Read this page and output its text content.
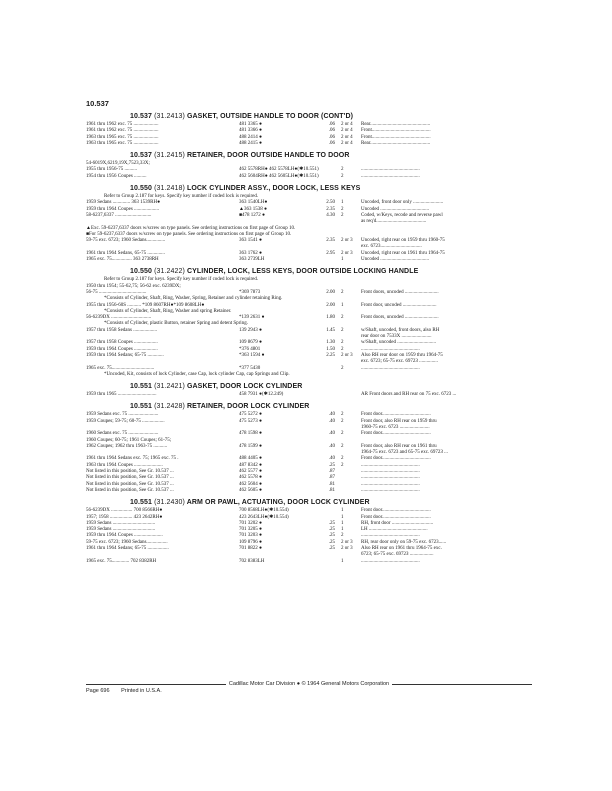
10.537
10.537 (31.2413) GASKET, OUTSIDE HANDLE TO DOOR (CONT'D)
1961 thru 1962 exc. 75 ....................	481 3365 ●	.06	2 or 4	Rear................................................
1961 thru 1962 exc. 75 ....................	481 3366 ●	.06	2 or 4	Front...............................................
1963 thru 1965 exc. 75 ....................	488 2414 ●	.06	2 or 4	Front...............................................
1963 thru 1965 exc. 75 ....................	488 2415 ●	.06	2 or 4	Rear................................................
10.537 (31.2415) RETAINER, DOOR OUTSIDE HANDLE TO DOOR
54-6019X,6219,19X,7523,33X;
1955 thru 1956-75 ..........	462 5578RH● 462 5578LH●(✱10.551)	2	...............................................
1954 thru 1956 Coupes ..........	462 5604RH● 462 5605LH●(✱10.551)	2	...............................................
10.550 (31.2418) LOCK CYLINDER ASSY., DOOR LOCK, LESS KEYS
Refer to Group 2.187 for keys. Specify key number if coded lock is required.
1959 Sedans .............. 363 1539RH●	363 1540LH●	2.50	1	Uncoded, front door only ........................
1959 thru 1964 Coupes ....................	▲363 1538 ●	2.35	2	Uncoded .......................................
58-6237,6337 .............................	■478 1272 ●	4.30	2	Coded, w/Keys, recode and reverse pawl
as req'd........................................
▲Exc. 59-6237,6337 doors w/screw on type panels. See ordering instructions on first page of Group 10.
■For 59-6237,6337 doors w/screw on type panels. See ordering instructions on first page of Group 10.
59-75 exc. 6723; 1960 Sedans...............	363 1541 ●	2.35	2 or 3	Uncoded, right rear on 1959 thru 1960-75
exc. 6723.................................
1961 thru 1964 Sedans, 65-75 ..............	363 1762 ●	2.95	2 or 3	Uncoded, right rear on 1961 thru 1964-75
1965 exc. 75................ 363 2738RH	363 2739LH	1	Uncoded .......................................
10.550 (31.2422) CYLINDER, LOCK, LESS KEYS, DOOR OUTSIDE LOCKING HANDLE
Refer to Group 2.187 for keys. Specify key number if coded lock is required.
1950 thru 1954; 55-62,75; 56-62 exc. 6239DX;
56-75 ......................................	*369 7873	2.00	2	Front doors, uncoded ...........................
*Consists of Cylinder, Shaft, Ring, Washer, Spring, Retainer and cylinder retaining Ring.
1955 thru 1956-60S ........... *109 8607RH●*109 8608LH●	2.00	1	Front door, uncoded ...........................
*Consists of Cylinder, Shaft, Ring, Washer and spring Retainer.
56-6239DX ................................	*139 2631 ●	1.80	2	Front doors, uncoded ...........................
*Consists of Cylinder, plastic Button, retainer Spring and detent Spring.
1957 thru 1958 Sedans ...................	139 2943 ●	1.45	2	w/Shaft, uncoded, front doors, also RH
rear door on 7533X ........................
1957 thru 1958 Coupes ...................	109 8679 ●	1.30	2	w/Shaft, uncoded ...............................
1959 thru 1964 Coupes ...................	*376 4801	1.50	2	...............................................
1959 thru 1964 Sedans; 65-75 .............	*363 1594 ●	2.25	2 or 3	Also RH rear door on 1959 thru 1964-75
exc. 6723; 65-75 exc. 6972З ...............
1965 exc. 75..................................	*377 5430	2	...............................................
*Uncoded, Kit, consists of lock Cylinder, case Cap, lock cylinder Cap, cap Springs and Clip.
10.551 (31.2421) GASKET, DOOR LOCK CYLINDER
1959 thru 1965 ...............................	458 7931 ●(✱12.249)	AR Front doors and RH rear on 75 exc. 6723 ...
10.551 (31.2428) RETAINER, DOOR LOCK CYLINDER
1959 Sedans exc. 75 ........................	475 5272 ●	.40	2	Front door.......................................
1959 Coupes; 59-75; 60-75 ..................	475 5273 ●	.40	2	Front door, also RH rear on 1959 thru
1960-75 exc. 6723 ........................
1960 Sedans exc. 75 ........................	478 1598 ●	.40	2	Front door.......................................
1960 Coupes; 60-75; 1961 Coupes; 61-75;
1962 Coupes; 1962 thru 1963-75 ...........	478 1599 ●	.40	2	Front door, also RH rear on 1961 thru
1964-75 exc. 6723 and 65-75 exc. 6972З ...
1961 thru 1964 Sedans exc. 75; 1965 exc. 75 .	488 4405 ●	.40	2	Front door.......................................
1963 thru 1964 Coupes .......................	487 8342 ●	.25	2	...............................................
Not listed in this position, See Gr. 10.537 ...	462 5577 ●	.87	...............................................
Not listed in this position, See Gr. 10.537 ...	462 5578 ●	.87	...............................................
Not listed in this position, See Gr. 10.537 ...	462 5604 ●	.81	...............................................
Not listed in this position, See Gr. 10.537 ...	462 5605 ●	.81	...............................................
10.551 (31.2430) ARM OR PAWL, ACTUATING, DOOR LOCK CYLINDER
56-6239DX ................. 700 8566RH●	700 8568LH●(✱10.554)	1	Front door.......................................
1957; 1958 .................. 423 2642RH●	423 2643LH●(✱10.554)	1	Front door.......................................
1959 Sedans ..................................	701 3202 ●	.25	1	RH, front door .................................
1959 Sedans ..................................	701 3205 ●	.25	1	LH ...............................................
1959 thru 1964 Coupes .......................	701 3203 ●	.25	2	...............................................
59-75 exc. 6723; 1960 Sedans.................	109 8796 ●	.25	2 or 3	RH, rear door only on 59-75 exc. 6723......
1961 thru 1964 Sedans; 65-75 .................	701 8822 ●	.25	2 or 3	Also RH rear on 1961 thru 1964-75 exc.
6723; 65-75 exc. 6972З ...................
1965 exc. 75.............. 702 8382RH	702 8383LH	1	...............................................
Cadillac Motor Car Division ● © 1964 General Motors Corporation
Page 696 Printed in U.S.A.
